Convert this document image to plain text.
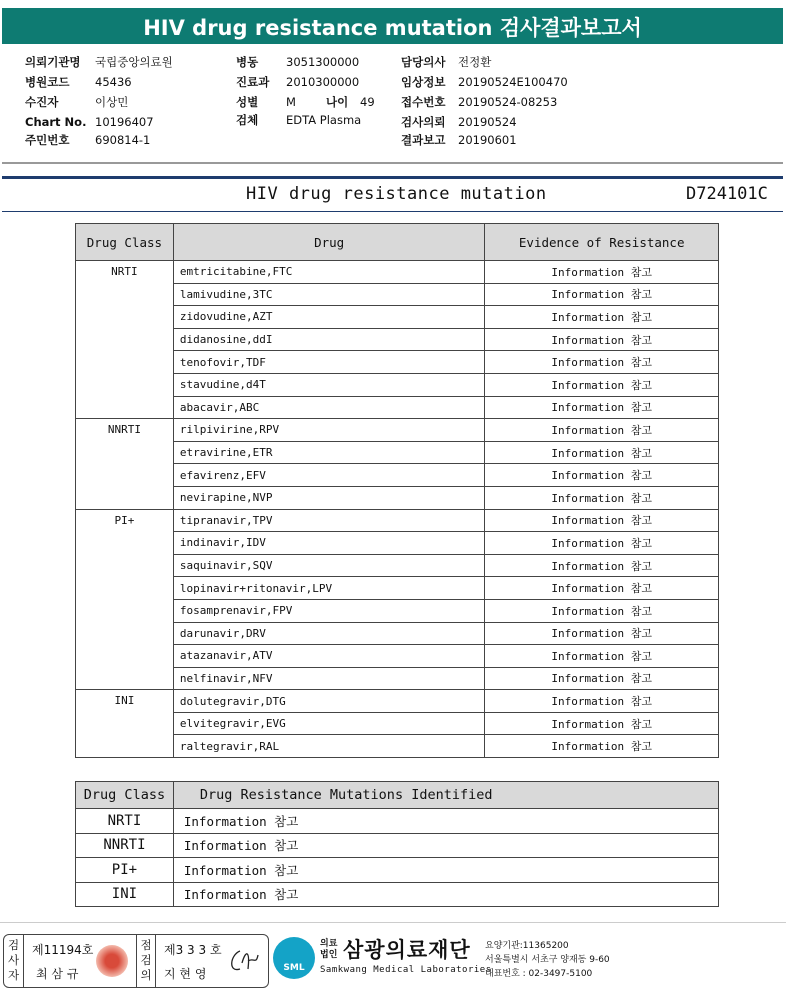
HIV drug resistance mutation 검사결과보고서
의뢰기관명 국립중앙의료원
병원코드 45436
수진자	이상민
Chart No. 10196407
주민번호 690814-1
병동 3051300000
진료과 2010300000
성별 M	나이 49
검체 EDTA Plasma
담당의사 전정환
임상정보 20190524E100470
접수번호 20190524-08253
검사의뢰 20190524
결과보고 20190601
HIV drug resistance mutation	D724101C
Drug Class	Drug	Evidence of Resistance
NRTI	emtricitabine,FTC	Information 참고
	lamivudine,3TC	Information 참고
	zidovudine,AZT	Information 참고
	didanosine,ddI	Information 참고
	tenofovir,TDF	Information 참고
	stavudine,d4T	Information 참고
	abacavir,ABC	Information 참고
NNRTI	rilpivirine,RPV	Information 참고
	etravirine,ETR	Information 참고
	efavirenz,EFV	Information 참고
	nevirapine,NVP	Information 참고
PI+	tipranavir,TPV	Information 참고
	indinavir,IDV	Information 참고
	saquinavir,SQV	Information 참고
	lopinavir+ritonavir,LPV	Information 참고
	fosamprenavir,FPV	Information 참고
	darunavir,DRV	Information 참고
	atazanavir,ATV	Information 참고
	nelfinavir,NFV	Information 참고
INI	dolutegravir,DTG	Information 참고
	elvitegravir,EVG	Information 참고
	raltegravir,RAL	Information 참고
Drug Class	Drug Resistance Mutations Identified
NRTI	Information 참고
NNRTI	Information 참고
PI+	Information 참고
INI	Information 참고
검사자
제11194호
최 삼 규
점검의
제3 3 3 호
지 현 영	SML
의료 법인 삼광의료재단
Samkwang Medical Laboratories
요양기관:11365200
서울특별시 서초구 양재동 9-60
대표번호 : 02-3497-5100
